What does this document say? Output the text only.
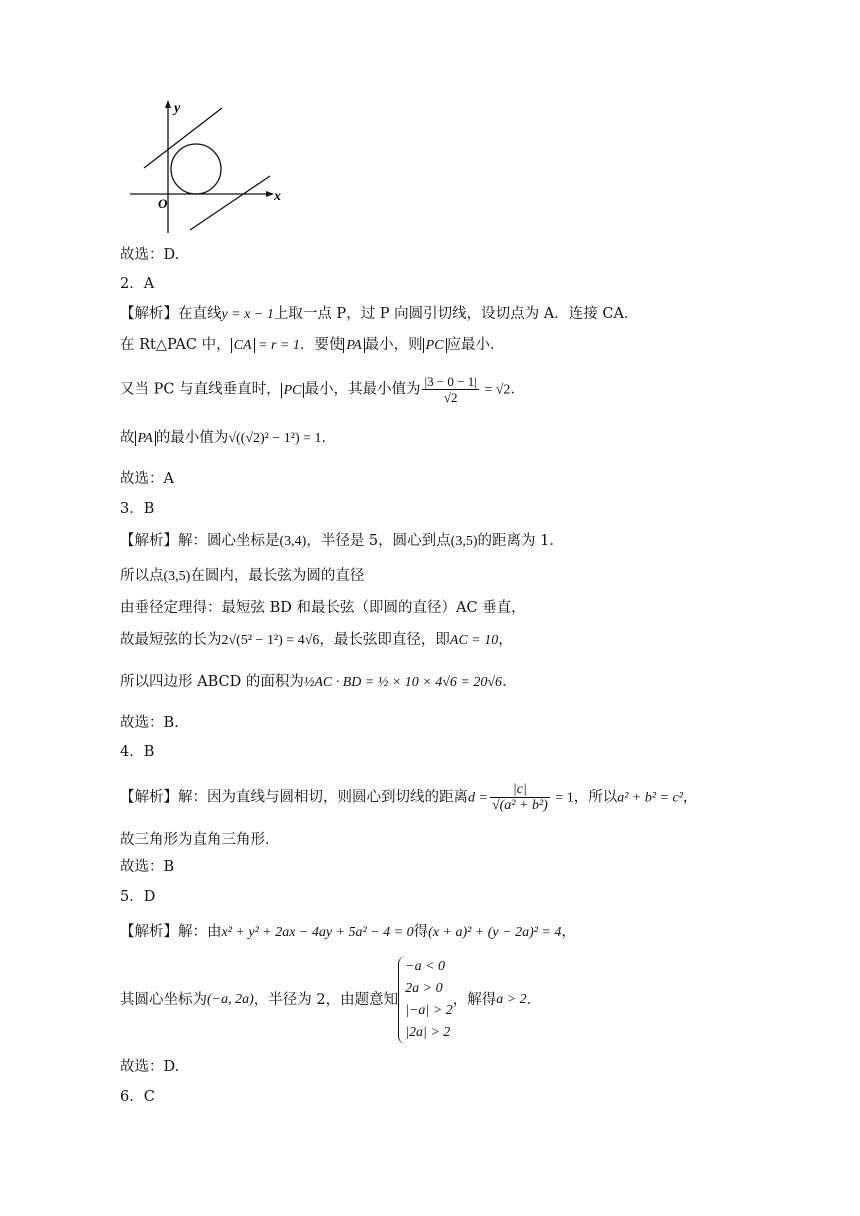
y
x
O
故选：D.
2．A
【解析】在直线y = x − 1上取一点 P，过 P 向圆引切线，设切点为 A．连接 CA．
在 Rt△PAC 中， CA = r = 1．要使 PA 最小，则 PC 应最小．
又当 PC 与直线垂直时， PC 最小，其最小值为 $\frac{|3 - 0 - 1|}{√2} = √2$．
故 PA 的最小值为√((√2)² − 1²) = 1．
故选：A
3．B
【解析】解：圆心坐标是(3,4)，半径是 5，圆心到点(3,5)的距离为 1．
所以点(3,5)在圆内，最长弦为圆的直径
由垂径定理得：最短弦 BD 和最长弦（即圆的直径）AC 垂直，
故最短弦的长为2√(5² − 1²) = 4√6，最长弦即直径，即AC = 10，
所以四边形 ABCD 的面积为½AC · BD = ½ × 10 × 4√6 = 20√6．
故选：B.
4．B
【解析】解：因为直线与圆相切，则圆心到切线的距离$d = \frac{|c|}{\text{√(a² + b²)}} = 1$，所以a² + b² = c²，
故三角形为直角三角形．
故选：B
5．D
【解析】解：由x² + y² + 2ax − 4ay + 5a² − 4 = 0得(x + a)² + (y − 2a)² = 4，
其圆心坐标为 (−a, 2a) ，半径为 2，由题意知
−a < 0
2a > 0
|−a| > 2
|2a| > 2
，解得 a > 2 ．
故选：D.
6．C
